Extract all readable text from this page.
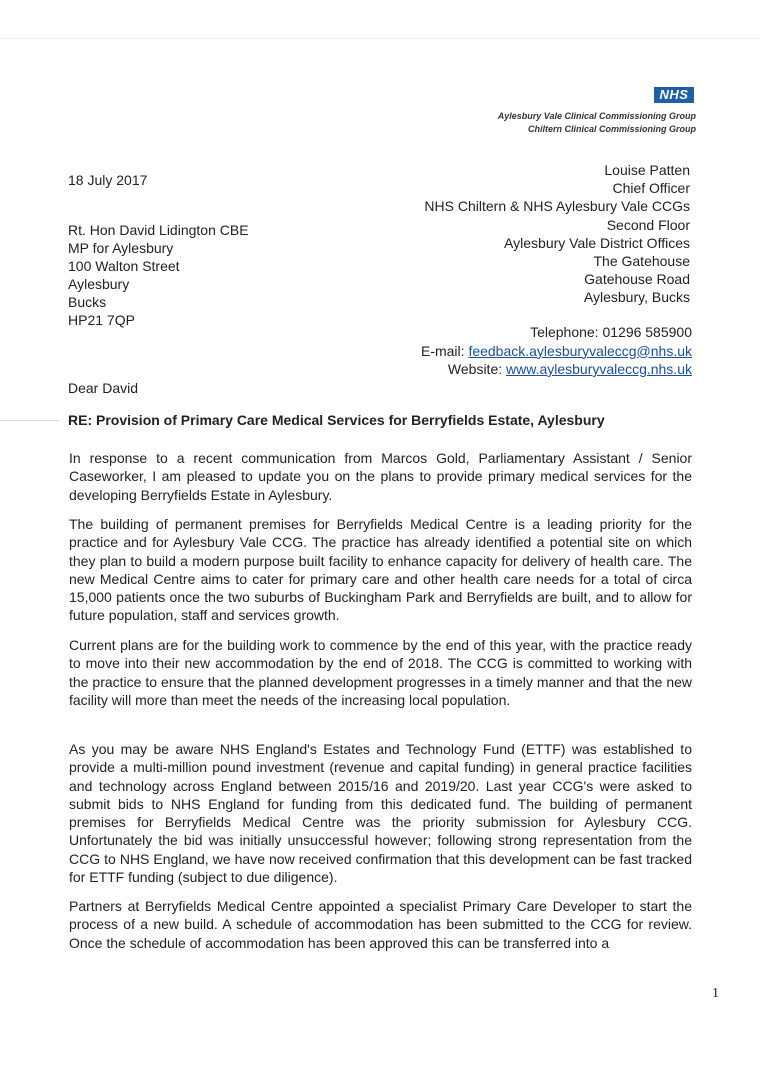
NHS
Aylesbury Vale Clinical Commissioning Group
Chiltern Clinical Commissioning Group
18 July 2017
Rt. Hon David Lidington CBE
MP for Aylesbury
100 Walton Street
Aylesbury
Bucks
HP21 7QP
Louise Patten
Chief Officer
NHS Chiltern & NHS Aylesbury Vale CCGs
Second Floor
Aylesbury Vale District Offices
The Gatehouse
Gatehouse Road
Aylesbury, Bucks
Telephone: 01296 585900
E-mail: feedback.aylesburyvaleccg@nhs.uk
Website: www.aylesburyvaleccg.nhs.uk
Dear David
RE: Provision of Primary Care Medical Services for Berryfields Estate, Aylesbury
In response to a recent communication from Marcos Gold, Parliamentary Assistant / Senior Caseworker, I am pleased to update you on the plans to provide primary medical services for the developing Berryfields Estate in Aylesbury.
The building of permanent premises for Berryfields Medical Centre is a leading priority for the practice and for Aylesbury Vale CCG. The practice has already identified a potential site on which they plan to build a modern purpose built facility to enhance capacity for delivery of health care. The new Medical Centre aims to cater for primary care and other health care needs for a total of circa 15,000 patients once the two suburbs of Buckingham Park and Berryfields are built, and to allow for future population, staff and services growth.
Current plans are for the building work to commence by the end of this year, with the practice ready to move into their new accommodation by the end of 2018. The CCG is committed to working with the practice to ensure that the planned development progresses in a timely manner and that the new facility will more than meet the needs of the increasing local population.
As you may be aware NHS England's Estates and Technology Fund (ETTF) was established to provide a multi-million pound investment (revenue and capital funding) in general practice facilities and technology across England between 2015/16 and 2019/20. Last year CCG's were asked to submit bids to NHS England for funding from this dedicated fund. The building of permanent premises for Berryfields Medical Centre was the priority submission for Aylesbury CCG. Unfortunately the bid was initially unsuccessful however; following strong representation from the CCG to NHS England, we have now received confirmation that this development can be fast tracked for ETTF funding (subject to due diligence).
Partners at Berryfields Medical Centre appointed a specialist Primary Care Developer to start the process of a new build. A schedule of accommodation has been submitted to the CCG for review. Once the schedule of accommodation has been approved this can be transferred into a
1
